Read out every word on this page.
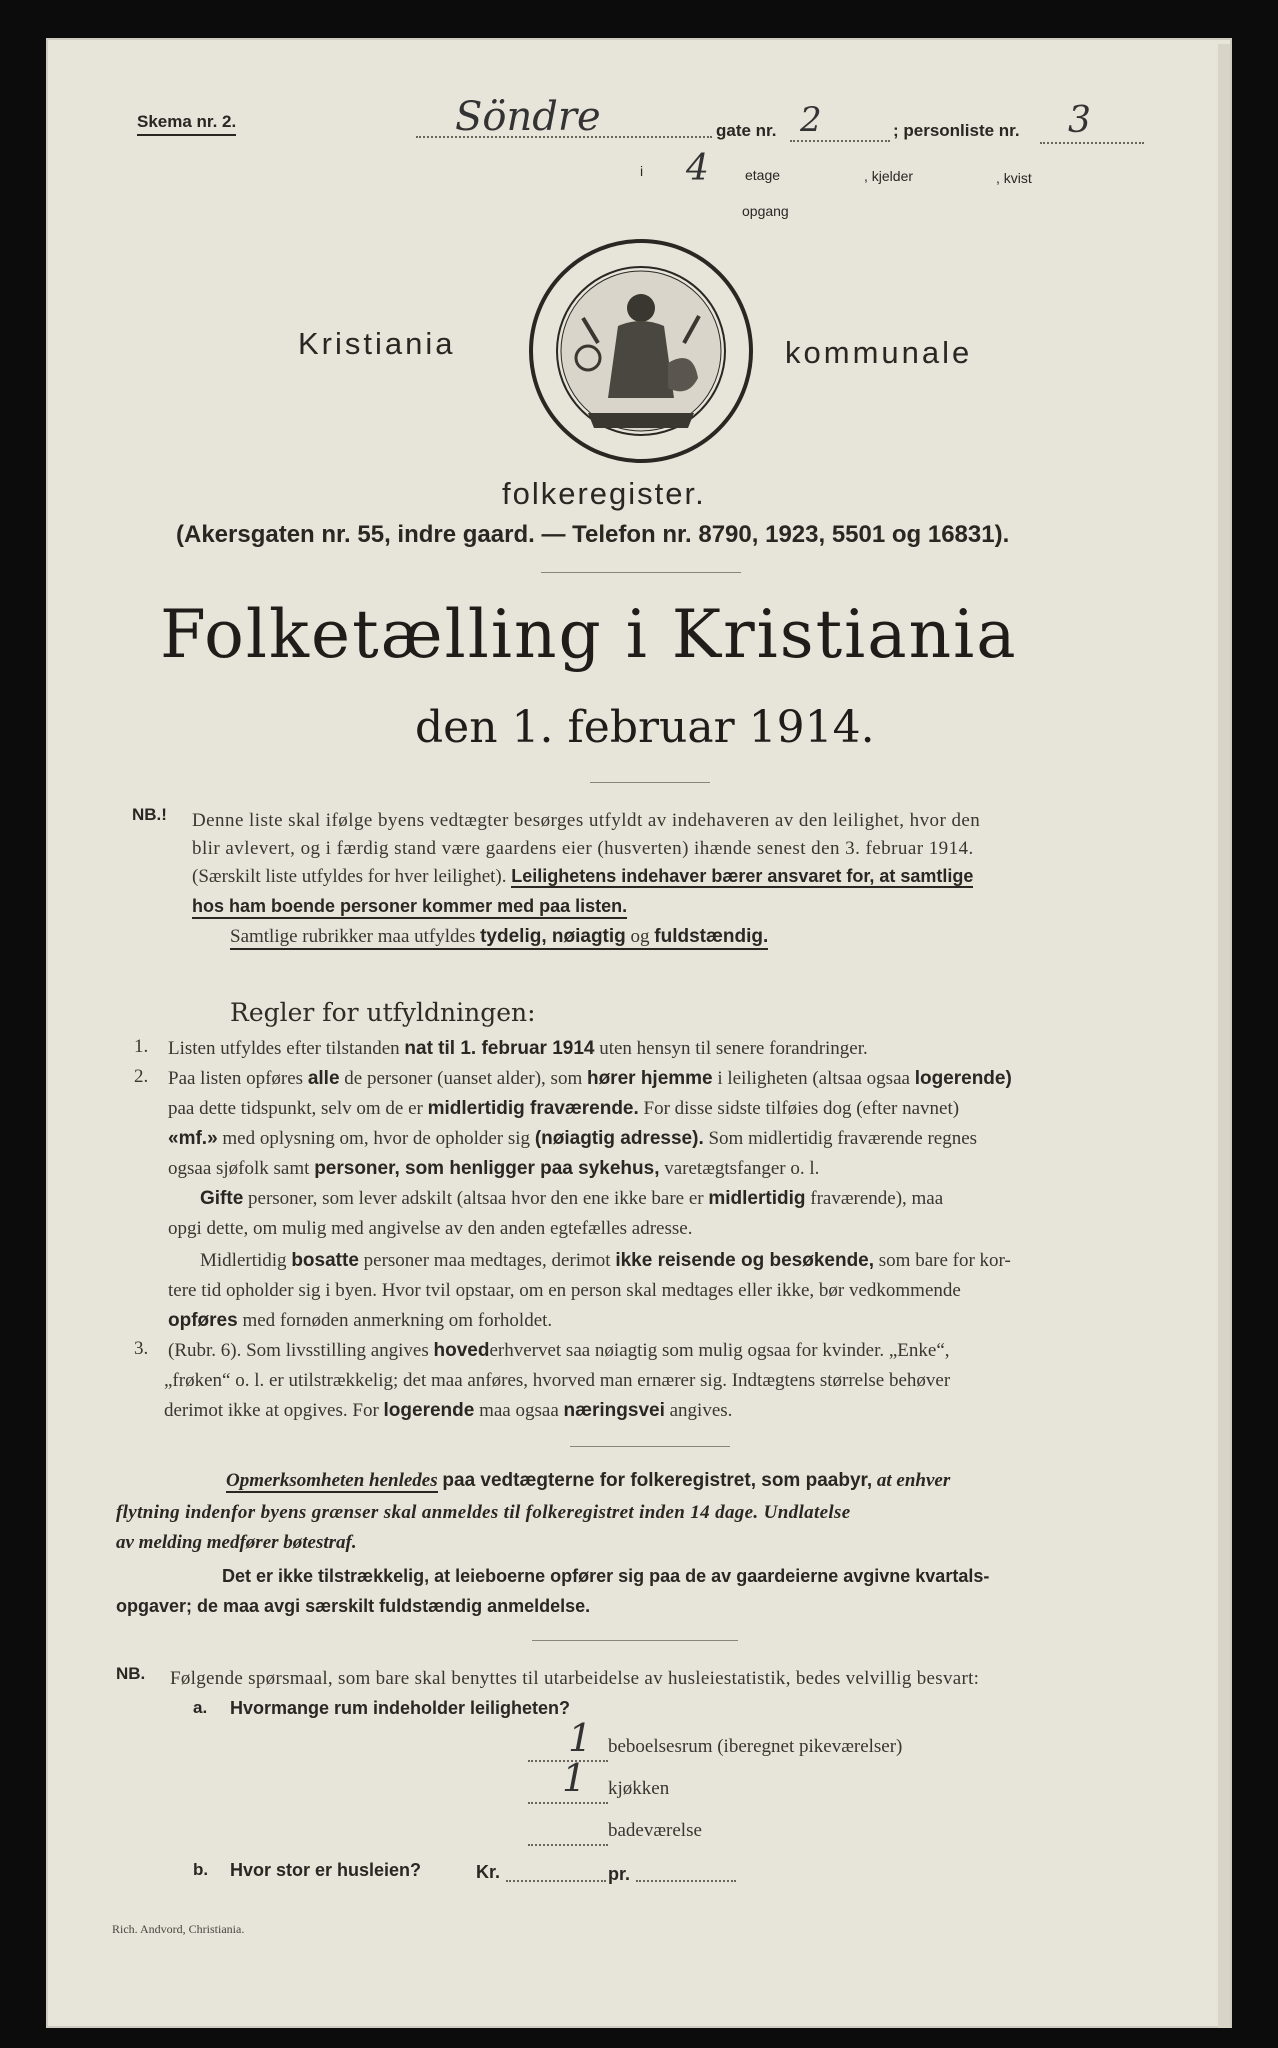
Skema nr. 2.	Söndre	gate nr. 2	; personliste nr. 3
i 4	etage	, kjelder	, kvist
opgang
Kristiania	kommunale
folkeregister.
(Akersgaten nr. 55, indre gaard. — Telefon nr. 8790, 1923, 5501 og 16831).
Folketælling i Kristiania
den 1. februar 1914.
NB.! Denne liste skal ifølge byens vedtægter besørges utfyldt av indehaveren av den leilighet, hvor den
blir avlevert, og i færdig stand være gaardens eier (husverten) ihænde senest den 3. februar 1914.
(Særskilt liste utfyldes for hver leilighet). Leilighetens indehaver bærer ansvaret for, at samtlige
hos ham boende personer kommer med paa listen.
Samtlige rubrikker maa utfyldes tydelig, nøiagtig og fuldstændig.
Regler for utfyldningen:
1. Listen utfyldes efter tilstanden nat til 1. februar 1914 uten hensyn til senere forandringer.
2. Paa listen opføres alle de personer (uanset alder), som hører hjemme i leiligheten (altsaa ogsaa logerende)
paa dette tidspunkt, selv om de er midlertidig fraværende. For disse sidste tilføies dog (efter navnet)
«mf.» med oplysning om, hvor de opholder sig (nøiagtig adresse). Som midlertidig fraværende regnes
ogsaa sjøfolk samt personer, som henligger paa sykehus, varetægtsfanger o. l.
Gifte personer, som lever adskilt (altsaa hvor den ene ikke bare er midlertidig fraværende), maa
opgi dette, om mulig med angivelse av den anden egtefælles adresse.
Midlertidig bosatte personer maa medtages, derimot ikke reisende og besøkende, som bare for kor-
tere tid opholder sig i byen. Hvor tvil opstaar, om en person skal medtages eller ikke, bør vedkommende
opføres med fornøden anmerkning om forholdet.
3. (Rubr. 6). Som livsstilling angives hovederhvervet saa nøiagtig som mulig ogsaa for kvinder. „Enke“,
„frøken“ o. l. er utilstrækkelig; det maa anføres, hvorved man ernærer sig. Indtægtens størrelse behøver
derimot ikke at opgives. For logerende maa ogsaa næringsvei angives.
Opmerksomheten henledes paa vedtægterne for folkeregistret, som paabyr, at enhver
flytning indenfor byens grænser skal anmeldes til folkeregistret inden 14 dage. Undlatelse
av melding medfører bøtestraf.
Det er ikke tilstrækkelig, at leieboerne opfører sig paa de av gaardeierne avgivne kvartals-
opgaver; de maa avgi særskilt fuldstændig anmeldelse.
NB. Følgende spørsmaal, som bare skal benyttes til utarbeidelse av husleiestatistik, bedes velvillig besvart:
a. Hvormange rum indeholder leiligheten?
1 beboelsesrum (iberegnet pikeværelser)
1 kjøkken
badeværelse
b. Hvor stor er husleien?	Kr.	pr.
Rich. Andvord, Christiania.
